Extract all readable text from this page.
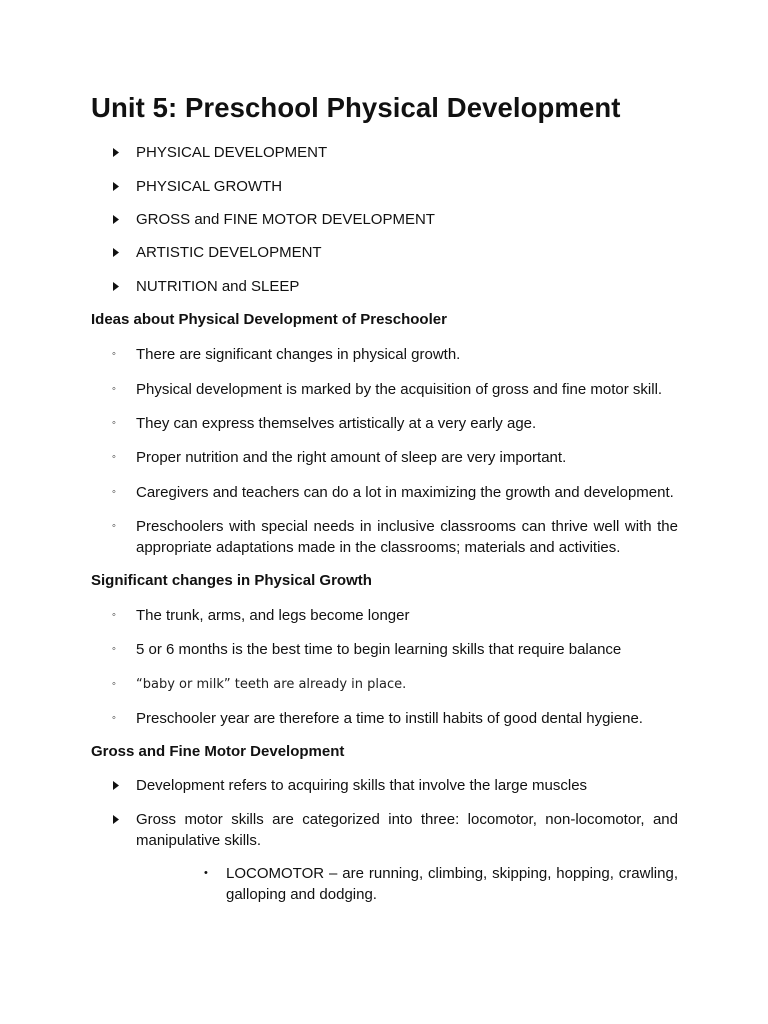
Unit 5: Preschool Physical Development
PHYSICAL DEVELOPMENT
PHYSICAL GROWTH
GROSS and FINE MOTOR DEVELOPMENT
ARTISTIC DEVELOPMENT
NUTRITION and SLEEP
Ideas about Physical Development of Preschooler
◦
There are significant changes in physical growth.
◦
Physical development is marked by the acquisition of gross and fine motor skill.
◦
They can express themselves artistically at a very early age.
◦
Proper nutrition and the right amount of sleep are very important.
◦
Caregivers and teachers can do a lot in maximizing the growth and development.
◦
Preschoolers with special needs in inclusive classrooms can thrive well with the appropriate adaptations made in the classrooms; materials and activities.
Significant changes in Physical Growth
◦
The trunk, arms, and legs become longer
◦
5 or 6 months is the best time to begin learning skills that require balance
◦
“baby or milk” teeth are already in place.
◦
Preschooler year are therefore a time to instill habits of good dental hygiene.
Gross and Fine Motor Development
Development refers to acquiring skills that involve the large muscles
Gross motor skills are categorized into three: locomotor, non-locomotor, and manipulative skills.
•
LOCOMOTOR – are running, climbing, skipping, hopping, crawling, galloping and dodging.
